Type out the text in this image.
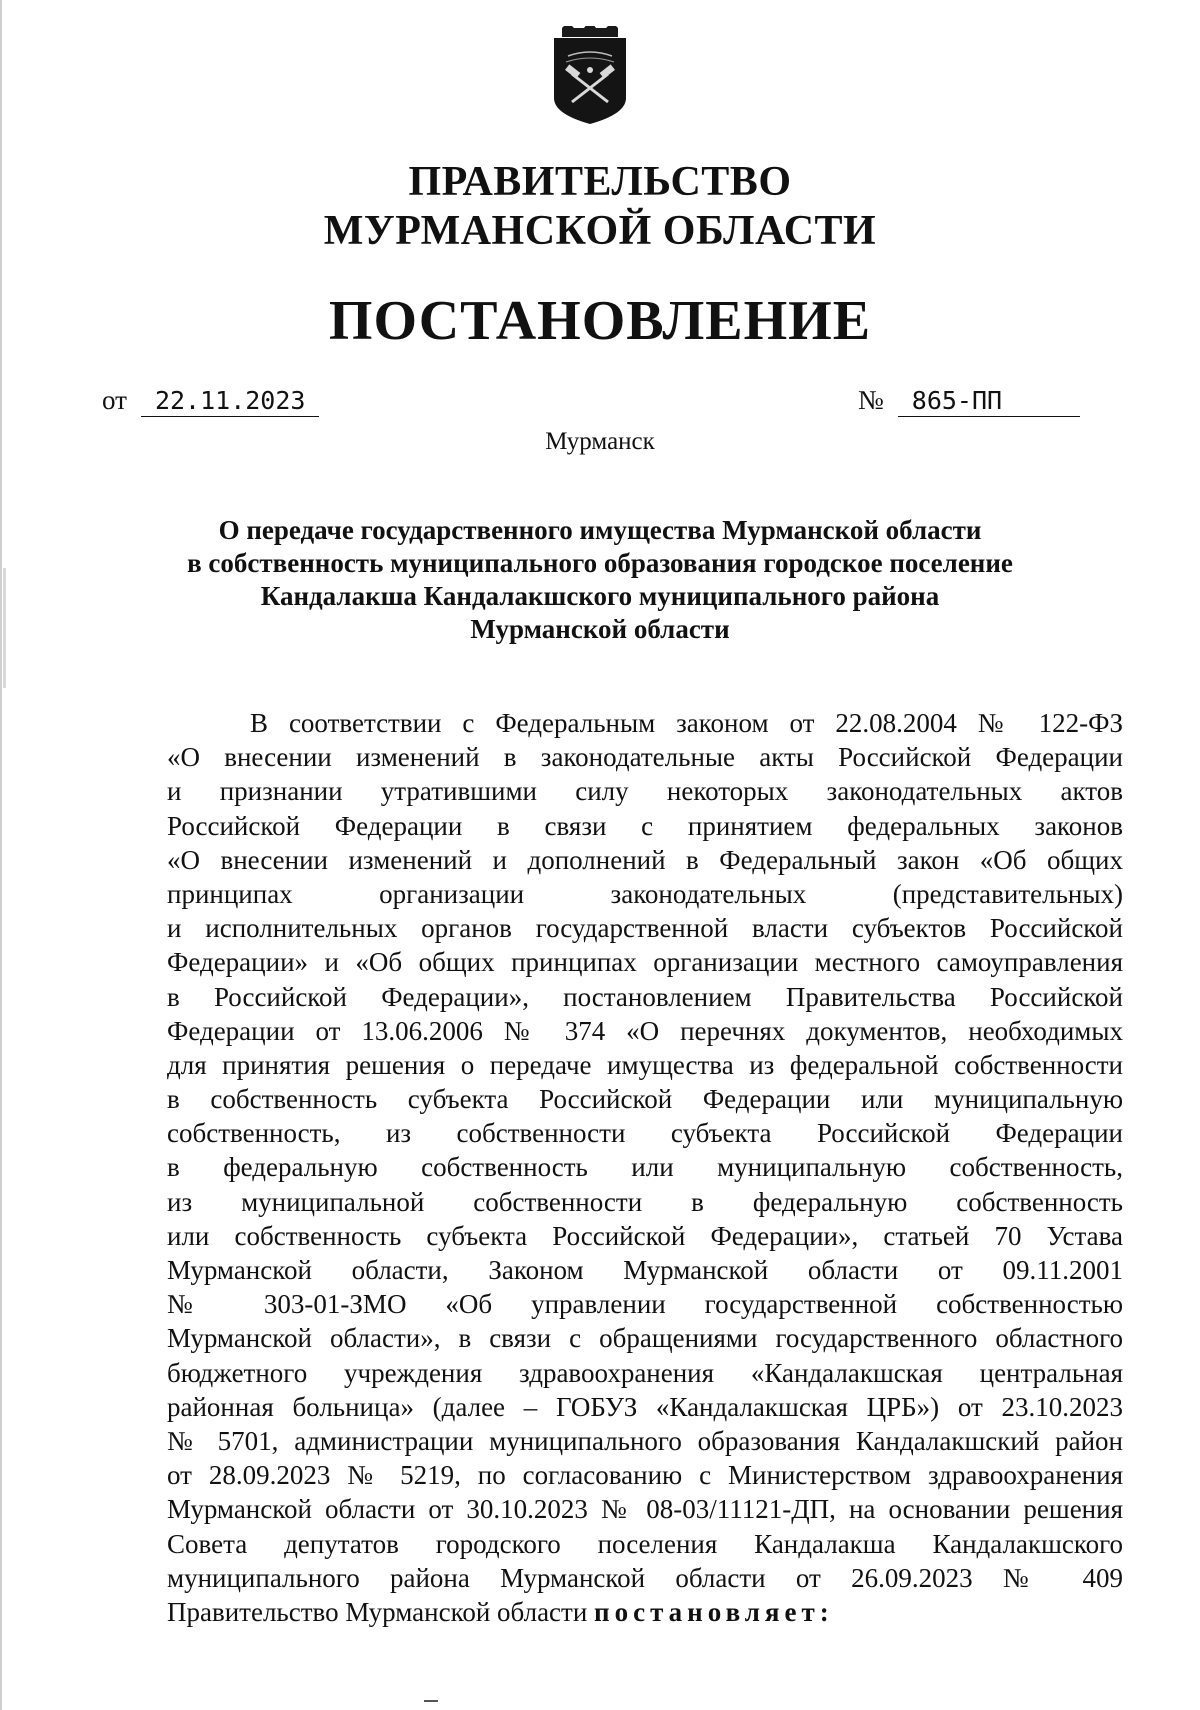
ПРАВИТЕЛЬСТВО
МУРМАНСКОЙ ОБЛАСТИ
ПОСТАНОВЛЕНИЕ
от 22.11.2023	№ 865-ПП
Мурманск
О передаче государственного имущества Мурманской области
в собственность муниципального образования городское поселение
Кандалакша Кандалакшского муниципального района
Мурманской области
В соответствии с Федеральным законом от 22.08.2004 № 122-ФЗ
«О внесении изменений в законодательные акты Российской Федерации
и признании утратившими силу некоторых законодательных актов
Российской Федерации в связи с принятием федеральных законов
«О внесении изменений и дополнений в Федеральный закон «Об общих
принципах организации законодательных (представительных)
и исполнительных органов государственной власти субъектов Российской
Федерации» и «Об общих принципах организации местного самоуправления
в Российской Федерации», постановлением Правительства Российской
Федерации от 13.06.2006 № 374 «О перечнях документов, необходимых
для принятия решения о передаче имущества из федеральной собственности
в собственность субъекта Российской Федерации или муниципальную
собственность, из собственности субъекта Российской Федерации
в федеральную собственность или муниципальную собственность,
из муниципальной собственности в федеральную собственность
или собственность субъекта Российской Федерации», статьей 70 Устава
Мурманской области, Законом Мурманской области от 09.11.2001
№ 303-01-ЗМО «Об управлении государственной собственностью
Мурманской области», в связи с обращениями государственного областного
бюджетного учреждения здравоохранения «Кандалакшская центральная
районная больница» (далее – ГОБУЗ «Кандалакшская ЦРБ») от 23.10.2023
№ 5701, администрации муниципального образования Кандалакшский район
от 28.09.2023 № 5219, по согласованию с Министерством здравоохранения
Мурманской области от 30.10.2023 № 08-03/11121-ДП, на основании решения
Совета депутатов городского поселения Кандалакша Кандалакшского
муниципального района Мурманской области от 26.09.2023 № 409
Правительство Мурманской области постановляет:
